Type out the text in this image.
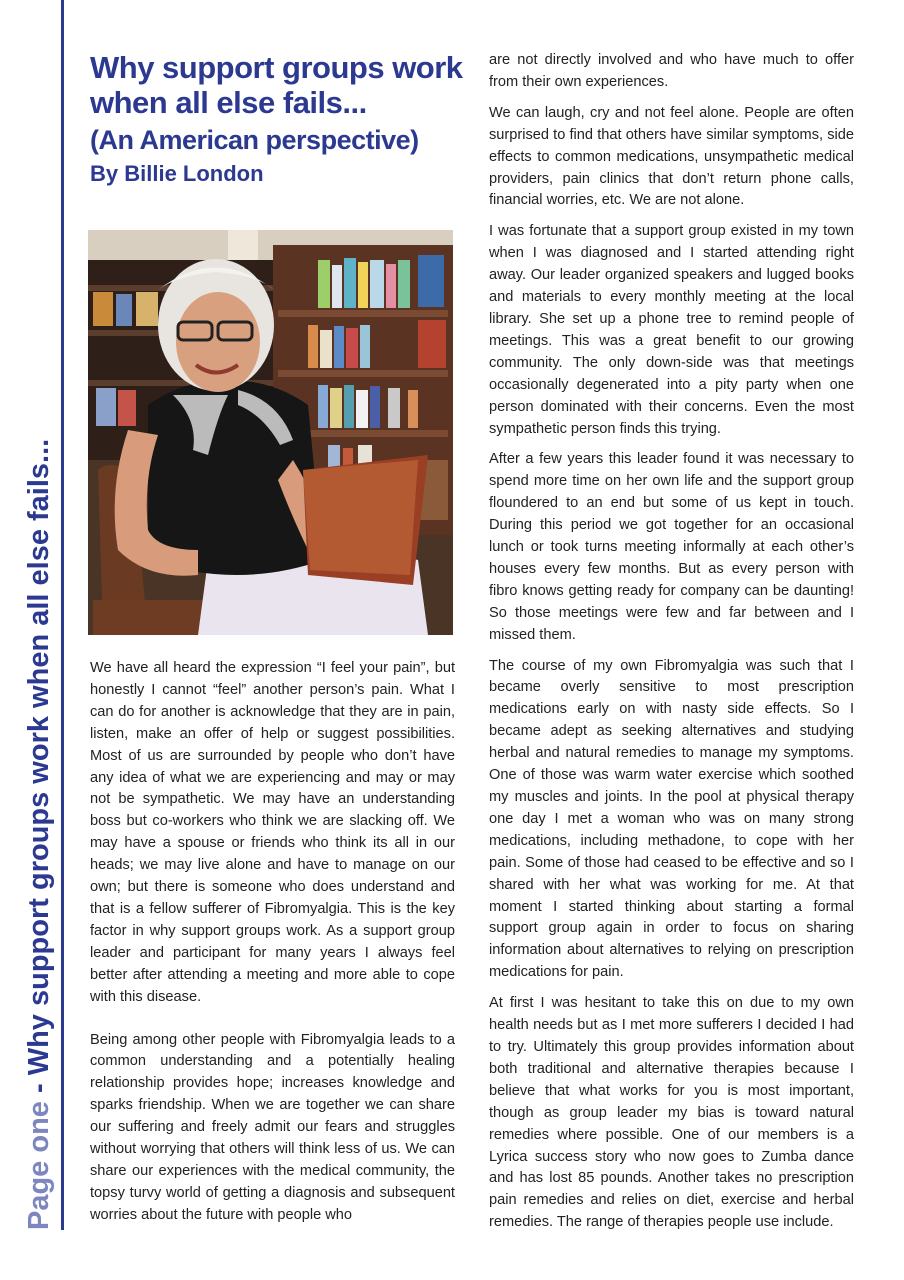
Page one - Why support groups work when all else fails...
Why support groups work when all else fails...
(An American perspective)
By Billie London

We have all heard the expression “I feel your pain”, but honestly I cannot “feel” another person’s pain. What I can do for another is acknowledge that they are in pain, listen, make an offer of help or suggest possibilities. Most of us are surrounded by people who don’t have any idea of what we are experiencing and may or may not be sympathetic. We may have an understanding boss but co-workers who think we are slacking off. We may have a spouse or friends who think its all in our heads; we may live alone and have to manage on our own; but there is someone who does understand and that is a fellow sufferer of Fibromyalgia. This is the key factor in why support groups work. As a support group leader and participant for many years I always feel better after attending a meeting and more able to cope with this disease.

Being among other people with Fibromyalgia leads to a common understanding and a potentially healing relationship provides hope; increases knowledge and sparks friendship. When we are together we can share our suffering and freely admit our fears and struggles without worrying that others will think less of us. We can share our experiences with the medical community, the topsy turvy world of getting a diagnosis and subsequent worries about the future with people who

are not directly involved and who have much to offer from their own experiences.

We can laugh, cry and not feel alone. People are often surprised to find that others have similar symptoms, side effects to common medications, unsympathetic medical providers, pain clinics that don’t return phone calls, financial worries, etc. We are not alone.

I was fortunate that a support group existed in my town when I was diagnosed and I started attending right away. Our leader organized speakers and lugged books and materials to every monthly meeting at the local library. She set up a phone tree to remind people of meetings. This was a great benefit to our growing community. The only down-side was that meetings occasionally degenerated into a pity party when one person dominated with their concerns. Even the most sympathetic person finds this trying.

After a few years this leader found it was necessary to spend more time on her own life and the support group floundered to an end but some of us kept in touch. During this period we got together for an occasional lunch or took turns meeting informally at each other’s houses every few months. But as every person with fibro knows getting ready for company can be daunting! So those meetings were few and far between and I missed them.

The course of my own Fibromyalgia was such that I became overly sensitive to most prescription medications early on with nasty side effects. So I became adept as seeking alternatives and studying herbal and natural remedies to manage my symptoms. One of those was warm water exercise which soothed my muscles and joints. In the pool at physical therapy one day I met a woman who was on many strong medications, including methadone, to cope with her pain. Some of those had ceased to be effective and so I shared with her what was working for me. At that moment I started thinking about starting a formal support group again in order to focus on sharing information about alternatives to relying on prescription medications for pain.

At first I was hesitant to take this on due to my own health needs but as I met more sufferers I decided I had to try. Ultimately this group provides information about both traditional and alternative therapies because I believe that what works for you is most important, though as group leader my bias is toward natural remedies where possible. One of our members is a Lyrica success story who now goes to Zumba dance and has lost 85 pounds. Another takes no prescription pain remedies and relies on diet, exercise and herbal remedies. The range of therapies people use include.
